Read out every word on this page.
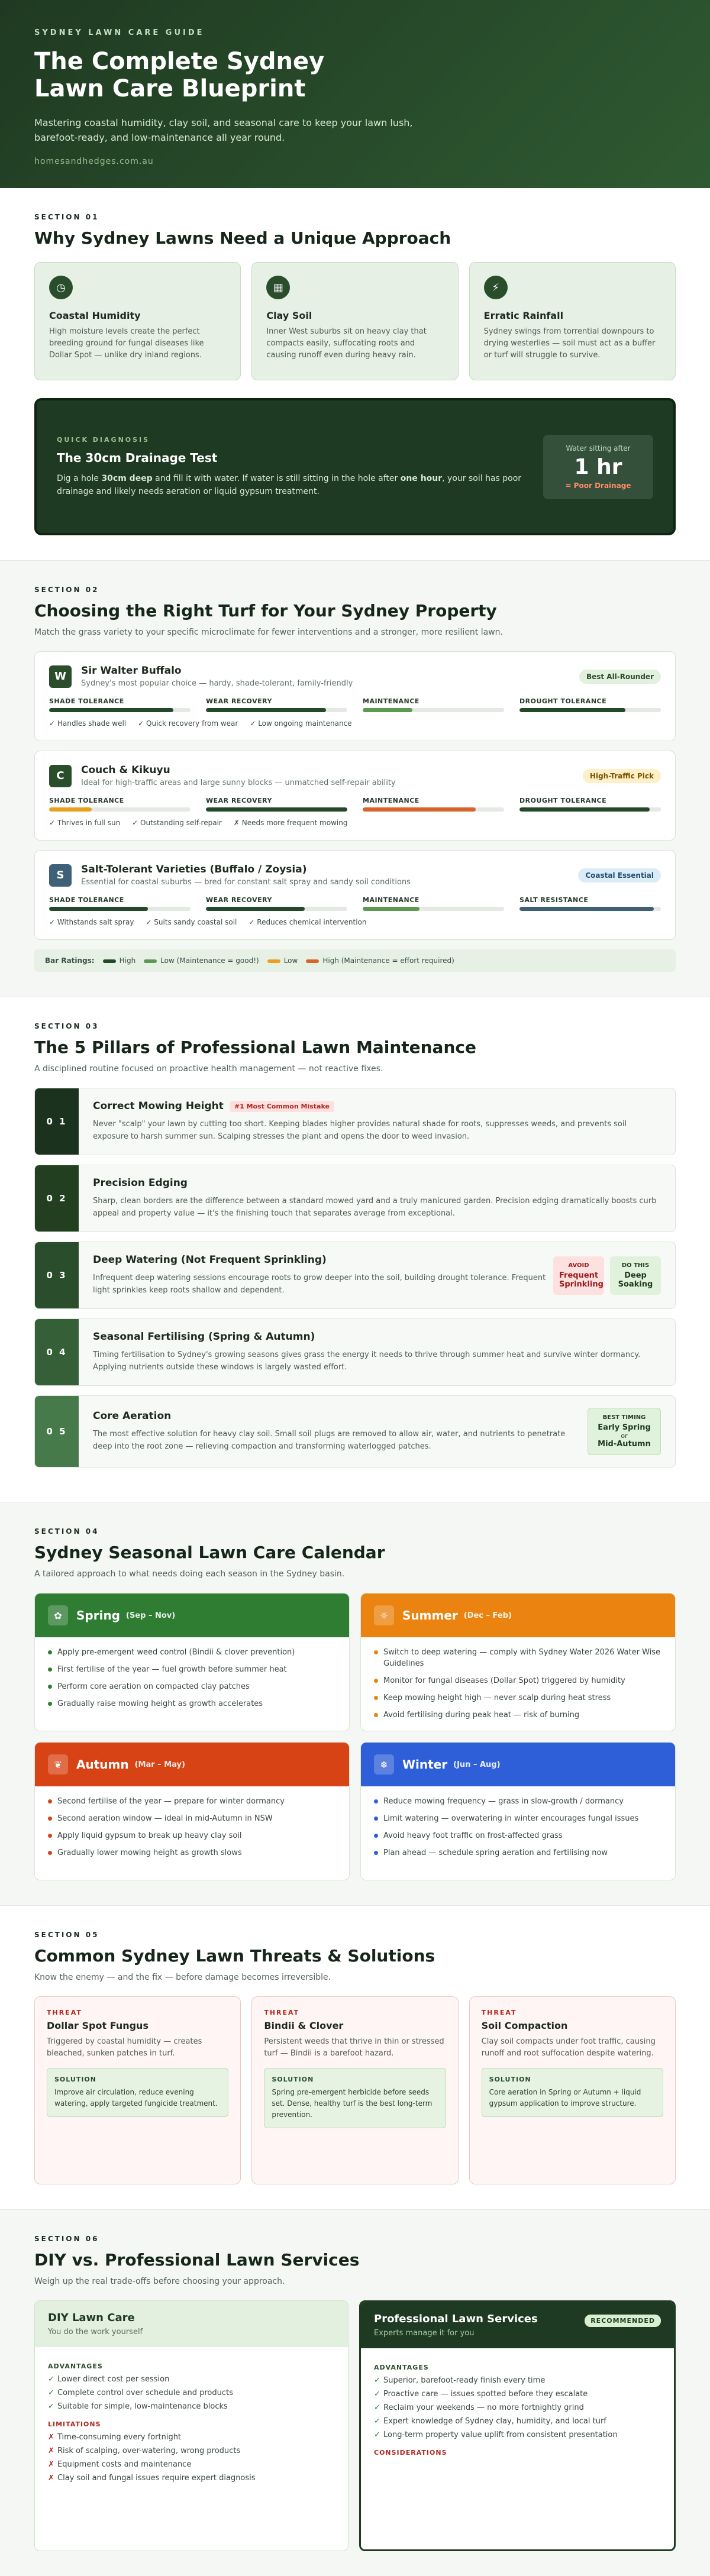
SYDNEY LAWN CARE GUIDE
The Complete Sydney
Lawn Care Blueprint

Mastering coastal humidity, clay soil, and seasonal care to keep your lawn lush, barefoot-ready, and low-maintenance all year round.

homesandhedges.com.au
SECTION 01
Why Sydney Lawns Need a Unique Approach
◷
Coastal Humidity

High moisture levels create the perfect breeding ground for fungal diseases like Dollar Spot — unlike dry inland regions.

▦
Clay Soil

Inner West suburbs sit on heavy clay that compacts easily, suffocating roots and causing runoff even during heavy rain.

⚡
Erratic Rainfall

Sydney swings from torrential downpours to drying westerlies — soil must act as a buffer or turf will struggle to survive.

QUICK DIAGNOSIS
The 30cm Drainage Test

Dig a hole 30cm deep and fill it with water. If water is still sitting in the hole after one hour, your soil has poor drainage and likely needs aeration or liquid gypsum treatment.

Water sitting after
1 hr
= Poor Drainage
SECTION 02
Choosing the Right Turf for Your Sydney Property
Match the grass variety to your specific microclimate for fewer interventions and a stronger, more resilient lawn.
W	Sir Walter Buffalo
Sydney's most popular choice — hardy, shade-tolerant, family-friendly
Best All-Rounder
SHADE TOLERANCE	WEAR RECOVERY	MAINTENANCE	DROUGHT TOLERANCE
✓ Handles shade well ✓ Quick recovery from wear ✓ Low ongoing maintenance
C	Couch & Kikuyu
Ideal for high-traffic areas and large sunny blocks — unmatched self-repair ability
High-Traffic Pick
SHADE TOLERANCE	WEAR RECOVERY	MAINTENANCE	DROUGHT TOLERANCE
✓ Thrives in full sun ✓ Outstanding self-repair ✗ Needs more frequent mowing
S	Salt-Tolerant Varieties (Buffalo / Zoysia)
Essential for coastal suburbs — bred for constant salt spray and sandy soil conditions
Coastal Essential
SHADE TOLERANCE	WEAR RECOVERY	MAINTENANCE	SALT RESISTANCE
✓ Withstands salt spray ✓ Suits sandy coastal soil ✓ Reduces chemical intervention
Bar Ratings:	High	Low (Maintenance = good!)	Low	High (Maintenance = effort required)
SECTION 03
The 5 Pillars of Professional Lawn Maintenance
A disciplined routine focused on proactive health management — not reactive fixes.
0 1
Correct Mowing Height #1 Most Common Mistake

Never "scalp" your lawn by cutting too short. Keeping blades higher provides natural shade for roots, suppresses weeds, and prevents soil exposure to harsh summer sun. Scalping stresses the plant and opens the door to weed invasion.

0 2
Precision Edging

Sharp, clean borders are the difference between a standard mowed yard and a truly manicured garden. Precision edging dramatically boosts curb appeal and property value — it's the finishing touch that separates average from exceptional.

0 3
Deep Watering (Not Frequent Sprinkling)

Infrequent deep watering sessions encourage roots to grow deeper into the soil, building drought tolerance. Frequent light sprinkles keep roots shallow and dependent.

AVOID
Frequent Sprinkling
DO THIS
Deep Soaking
0 4
Seasonal Fertilising (Spring & Autumn)

Timing fertilisation to Sydney's growing seasons gives grass the energy it needs to thrive through summer heat and survive winter dormancy. Applying nutrients outside these windows is largely wasted effort.

0 5
Core Aeration

The most effective solution for heavy clay soil. Small soil plugs are removed to allow air, water, and nutrients to penetrate deep into the root zone — relieving compaction and transforming waterlogged patches.

BEST TIMING
Early Spring
or
Mid-Autumn
SECTION 04
Sydney Seasonal Lawn Care Calendar
A tailored approach to what needs doing each season in the Sydney basin.
✿	Spring (Sep – Nov)
Apply pre-emergent weed control (Bindii & clover prevention)
First fertilise of the year — fuel growth before summer heat
Perform core aeration on compacted clay patches
Gradually raise mowing height as growth accelerates
☼	Summer (Dec – Feb)
Switch to deep watering — comply with Sydney Water 2026 Water Wise Guidelines
Monitor for fungal diseases (Dollar Spot) triggered by humidity
Keep mowing height high — never scalp during heat stress
Avoid fertilising during peak heat — risk of burning
❦	Autumn (Mar – May)
Second fertilise of the year — prepare for winter dormancy
Second aeration window — ideal in mid-Autumn in NSW
Apply liquid gypsum to break up heavy clay soil
Gradually lower mowing height as growth slows
❄	Winter (Jun – Aug)
Reduce mowing frequency — grass in slow-growth / dormancy
Limit watering — overwatering in winter encourages fungal issues
Avoid heavy foot traffic on frost-affected grass
Plan ahead — schedule spring aeration and fertilising now
SECTION 05
Common Sydney Lawn Threats & Solutions
Know the enemy — and the fix — before damage becomes irreversible.
THREAT
Dollar Spot Fungus

Triggered by coastal humidity — creates bleached, sunken patches in turf.

SOLUTION
Improve air circulation, reduce evening watering, apply targeted fungicide treatment.
THREAT
Bindii & Clover

Persistent weeds that thrive in thin or stressed turf — Bindii is a barefoot hazard.

SOLUTION
Spring pre-emergent herbicide before seeds set. Dense, healthy turf is the best long-term prevention.
THREAT
Soil Compaction

Clay soil compacts under foot traffic, causing runoff and root suffocation despite watering.

SOLUTION
Core aeration in Spring or Autumn + liquid gypsum application to improve structure.
SECTION 06
DIY vs. Professional Lawn Services
Weigh up the real trade-offs before choosing your approach.
DIY Lawn Care
You do the work yourself
ADVANTAGES
✓ Lower direct cost per session
✓ Complete control over schedule and products
✓ Suitable for simple, low-maintenance blocks
LIMITATIONS
✗ Time-consuming every fortnight
✗ Risk of scalping, over-watering, wrong products
✗ Equipment costs and maintenance
✗ Clay soil and fungal issues require expert diagnosis
Professional Lawn Services	RECOMMENDED
Experts manage it for you
ADVANTAGES
✓ Superior, barefoot-ready finish every time
✓ Proactive care — issues spotted before they escalate
✓ Reclaim your weekends — no more fortnightly grind
✓ Expert knowledge of Sydney clay, humidity, and local turf
✓ Long-term property value uplift from consistent presentation
CONSIDERATIONS
